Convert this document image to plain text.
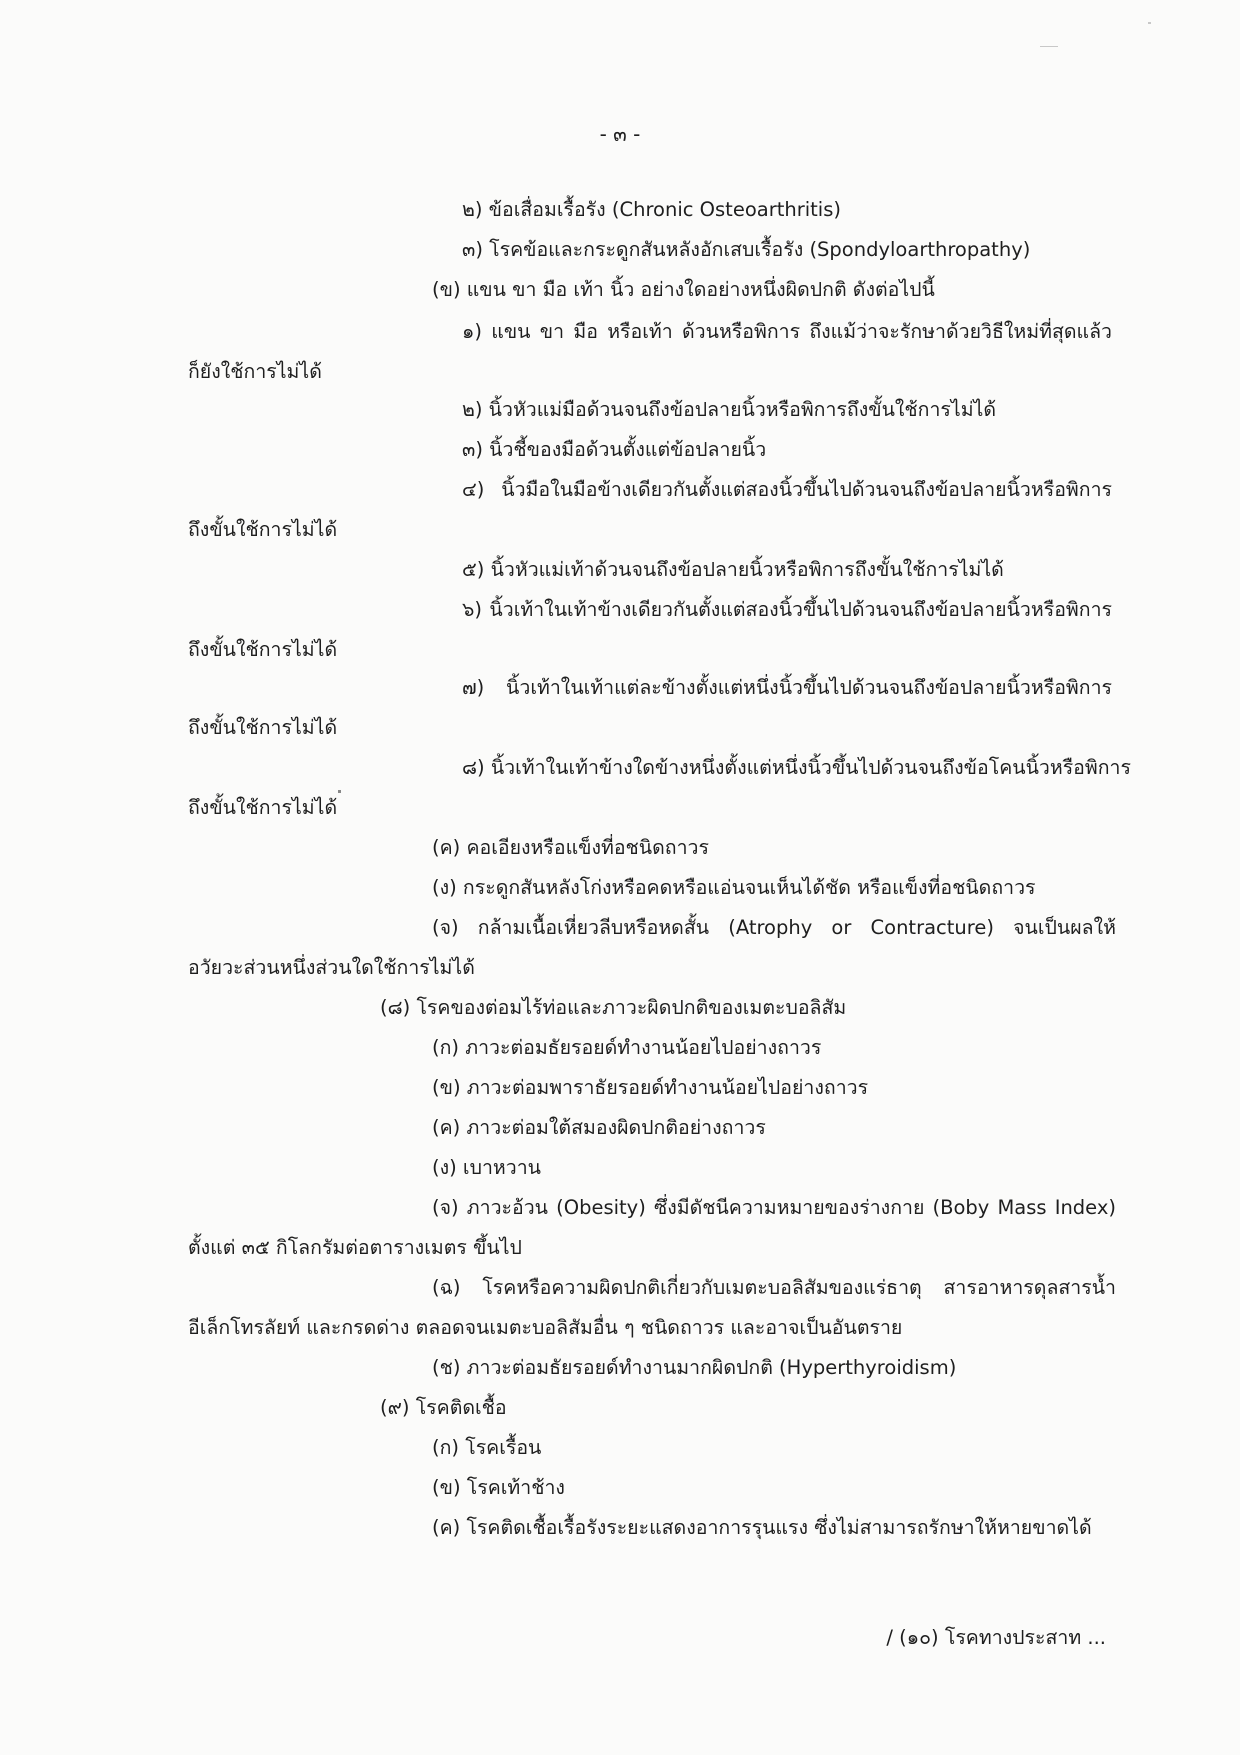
- ๓ -
๒) ข้อเสื่อมเรื้อรัง (Chronic Osteoarthritis)
๓) โรคข้อและกระดูกสันหลังอักเสบเรื้อรัง (Spondyloarthropathy)
(ข) แขน ขา มือ เท้า นิ้ว อย่างใดอย่างหนึ่งผิดปกติ ดังต่อไปนี้
๑) แขน ขา มือ หรือเท้า ด้วนหรือพิการ ถึงแม้ว่าจะรักษาด้วยวิธีใหม่ที่สุดแล้ว
ก็ยังใช้การไม่ได้
๒) นิ้วหัวแม่มือด้วนจนถึงข้อปลายนิ้วหรือพิการถึงขั้นใช้การไม่ได้
๓) นิ้วชี้ของมือด้วนตั้งแต่ข้อปลายนิ้ว
๔) นิ้วมือในมือข้างเดียวกันตั้งแต่สองนิ้วขึ้นไปด้วนจนถึงข้อปลายนิ้วหรือพิการ
ถึงขั้นใช้การไม่ได้
๕) นิ้วหัวแม่เท้าด้วนจนถึงข้อปลายนิ้วหรือพิการถึงขั้นใช้การไม่ได้
๖) นิ้วเท้าในเท้าข้างเดียวกันตั้งแต่สองนิ้วขึ้นไปด้วนจนถึงข้อปลายนิ้วหรือพิการ
ถึงขั้นใช้การไม่ได้
๗) นิ้วเท้าในเท้าแต่ละข้างตั้งแต่หนึ่งนิ้วขึ้นไปด้วนจนถึงข้อปลายนิ้วหรือพิการ
ถึงขั้นใช้การไม่ได้
๘) นิ้วเท้าในเท้าข้างใดข้างหนึ่งตั้งแต่หนึ่งนิ้วขึ้นไปด้วนจนถึงข้อโคนนิ้วหรือพิการ
ถึงขั้นใช้การไม่ได้
(ค) คอเอียงหรือแข็งที่อชนิดถาวร
(ง) กระดูกสันหลังโก่งหรือคดหรือแอ่นจนเห็นได้ชัด หรือแข็งที่อชนิดถาวร
(จ) กล้ามเนื้อเหี่ยวลีบหรือหดสั้น (Atrophy or Contracture) จนเป็นผลให้
อวัยวะส่วนหนึ่งส่วนใดใช้การไม่ได้
(๘) โรคของต่อมไร้ท่อและภาวะผิดปกติของเมตะบอลิสัม
(ก) ภาวะต่อมธัยรอยด์ทำงานน้อยไปอย่างถาวร
(ข) ภาวะต่อมพาราธัยรอยด์ทำงานน้อยไปอย่างถาวร
(ค) ภาวะต่อมใต้สมองผิดปกติอย่างถาวร
(ง) เบาหวาน
(จ) ภาวะอ้วน (Obesity) ซึ่งมีดัชนีความหมายของร่างกาย (Boby Mass Index)
ตั้งแต่ ๓๕ กิโลกรัมต่อตารางเมตร ขึ้นไป
(ฉ) โรคหรือความผิดปกติเกี่ยวกับเมตะบอลิสัมของแร่ธาตุ สารอาหารดุลสารน้ำ
อีเล็กโทรลัยท์ และกรดด่าง ตลอดจนเมตะบอลิสัมอื่น ๆ ชนิดถาวร และอาจเป็นอันตราย
(ช) ภาวะต่อมธัยรอยด์ทำงานมากผิดปกติ (Hyperthyroidism)
(๙) โรคติดเชื้อ
(ก) โรคเรื้อน
(ข) โรคเท้าช้าง
(ค) โรคติดเชื้อเรื้อรังระยะแสดงอาการรุนแรง ซึ่งไม่สามารถรักษาให้หายขาดได้
/ (๑๐) โรคทางประสาท ...
